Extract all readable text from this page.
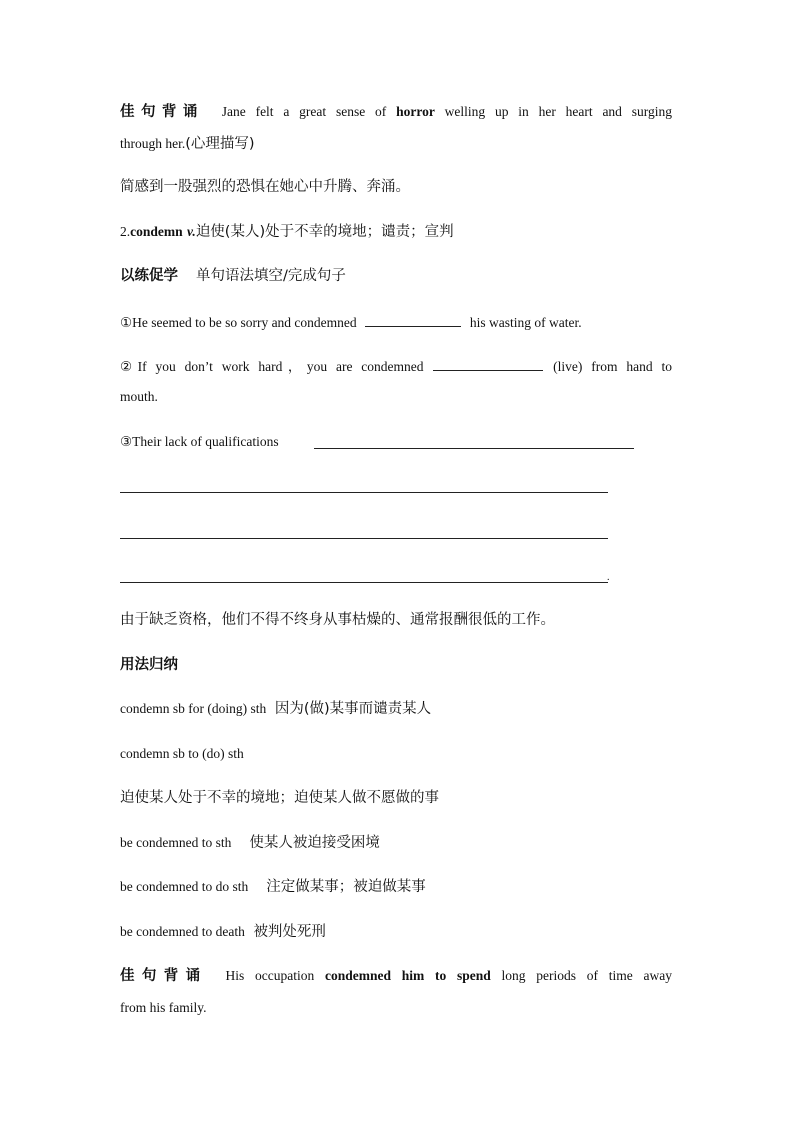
佳句背诵 Jane felt a great sense of horror welling up in her heart and surging
through her.(心理描写)
简感到一股强烈的恐惧在她心中升腾、奔涌。
2.condemn v.迫使(某人)处于不幸的境地；谴责；宣判
以练促学 单句语法填空/完成句子
①He seemed to be so sorry and condemned	his wasting of water.
②If you don’t work hard，you are condemned	(live) from hand to
mouth.
③Their lack of qualifications
.
由于缺乏资格，他们不得不终身从事枯燥的、通常报酬很低的工作。
用法归纳
condemn sb for (doing) sth 因为(做)某事而谴责某人
condemn sb to (do) sth
迫使某人处于不幸的境地；迫使某人做不愿做的事
be condemned to sth 使某人被迫接受困境
be condemned to do sth 注定做某事；被迫做某事
be condemned to death 被判处死刑
佳句背诵 His occupation condemned him to spend long periods of time away
from his family.
